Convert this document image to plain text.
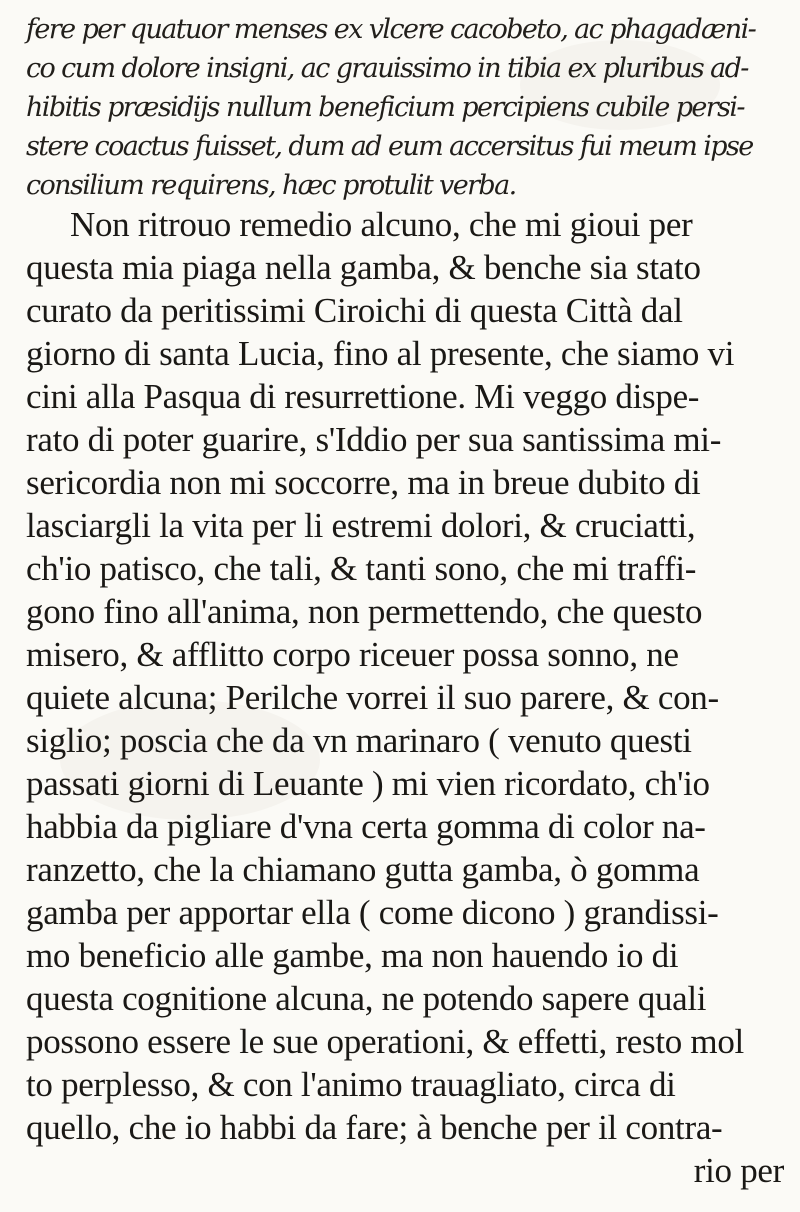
fere per quatuor menses ex vlcere cacobeto, ac phagadæni-
co cum dolore insigni, ac grauissimo in tibia ex pluribus ad-
hibitis præsidijs nullum beneficium percipiens cubile persi-
stere coactus fuisset, dum ad eum accersitus fui meum ipse
consilium requirens, hæc protulit verba.
Non ritrouo remedio alcuno, che mi gioui per
questa mia piaga nella gamba, & benche sia stato
curato da peritissimi Ciroichi di questa Città dal
giorno di santa Lucia, fino al presente, che siamo vi
cini alla Pasqua di resurrettione. Mi veggo dispe-
rato di poter guarire, s'Iddio per sua santissima mi-
sericordia non mi soccorre, ma in breue dubito di
lasciargli la vita per li estremi dolori, & cruciatti,
ch'io patisco, che tali, & tanti sono, che mi traffi-
gono fino all'anima, non permettendo, che questo
misero, & afflitto corpo riceuer possa sonno, ne
quiete alcuna; Perilche vorrei il suo parere, & con-
siglio; poscia che da vn marinaro ( venuto questi
passati giorni di Leuante ) mi vien ricordato, ch'io
habbia da pigliare d'vna certa gomma di color na-
ranzetto, che la chiamano gutta gamba, ò gomma
gamba per apportar ella ( come dicono ) grandissi-
mo beneficio alle gambe, ma non hauendo io di
questa cognitione alcuna, ne potendo sapere quali
possono essere le sue operationi, & effetti, resto mol
to perplesso, & con l'animo trauagliato, circa di
quello, che io habbi da fare; à benche per il contra-
rio per
